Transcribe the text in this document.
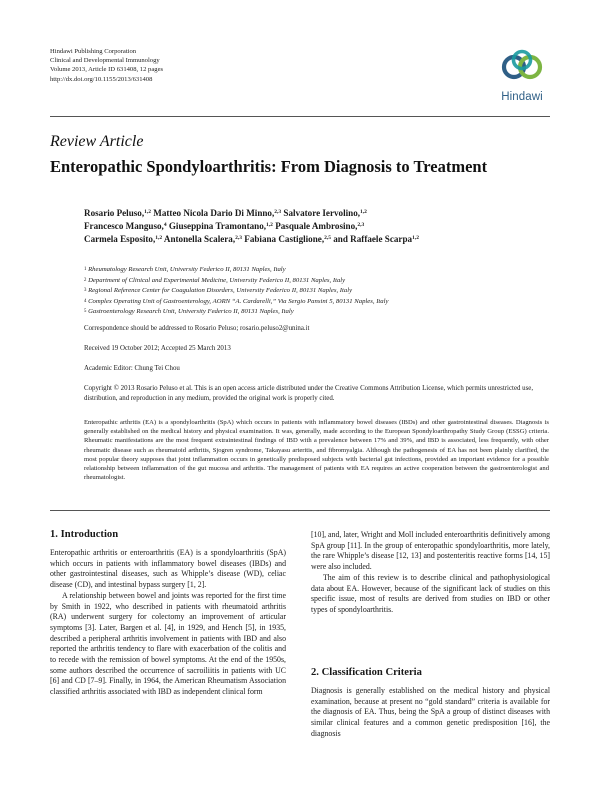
Hindawi Publishing Corporation
Clinical and Developmental Immunology
Volume 2013, Article ID 631408, 12 pages
http://dx.doi.org/10.1155/2013/631408
Hindawi
Review Article
Enteropathic Spondyloarthritis: From Diagnosis to Treatment
Rosario Peluso,$^{1,2}$ Matteo Nicola Dario Di Minno,$^{2,3}$ Salvatore Iervolino,$^{1,2}$
Francesco Manguso,$^4$ Giuseppina Tramontano,$^{1,2}$ Pasquale Ambrosino,$^{2,3}$
Carmela Esposito,$^{1,2}$ Antonella Scalera,$^{2,3}$ Fabiana Castiglione,$^{2,5}$ and Raffaele Scarpa$^{1,2}$
$^1$ Rheumatology Research Unit, University Federico II, 80131 Naples, Italy
$^2$ Department of Clinical and Experimental Medicine, University Federico II, 80131 Naples, Italy
$^3$ Regional Reference Center for Coagulation Disorders, University Federico II, 80131 Naples, Italy
$^4$ Complex Operating Unit of Gastroenterology, AORN “A. Cardarelli,” Via Sergio Pansini 5, 80131 Naples, Italy
$^5$ Gastroenterology Research Unit, University Federico II, 80131 Naples, Italy
Correspondence should be addressed to Rosario Peluso; rosario.peluso2@unina.it
Received 19 October 2012; Accepted 25 March 2013
Academic Editor: Chung Tei Chou
Copyright © 2013 Rosario Peluso et al. This is an open access article distributed under the Creative Commons Attribution License, which permits unrestricted use, distribution, and reproduction in any medium, provided the original work is properly cited.
Enteropathic arthritis (EA) is a spondyloarthritis (SpA) which occurs in patients with inflammatory bowel diseases (IBDs) and other gastrointestinal diseases. Diagnosis is generally established on the medical history and physical examination. It was, generally, made according to the European Spondyloarthropathy Study Group (ESSG) criteria. Rheumatic manifestations are the most frequent extraintestinal findings of IBD with a prevalence between 17% and 39%, and IBD is associated, less frequently, with other rheumatic disease such as rheumatoid arthritis, Sjogren syndrome, Takayasu arteritis, and fibromyalgia. Although the pathogenesis of EA has not been plainly clarified, the most popular theory supposes that joint inflammation occurs in genetically predisposed subjects with bacterial gut infections, provided an important evidence for a possible relationship between inflammation of the gut mucosa and arthritis. The management of patients with EA requires an active cooperation between the gastroenterologist and rheumatologist.
1. Introduction

Enteropathic arthritis or enteroarthritis (EA) is a spondyloarthritis (SpA) which occurs in patients with inflammatory bowel diseases (IBDs) and other gastrointestinal diseases, such as Whipple’s disease (WD), celiac disease (CD), and intestinal bypass surgery [1, 2].

A relationship between bowel and joints was reported for the first time by Smith in 1922, who described in patients with rheumatoid arthritis (RA) underwent surgery for colectomy an improvement of articular symptoms [3]. Later, Bargen et al. [4], in 1929, and Hench [5], in 1935, described a peripheral arthritis involvement in patients with IBD and also reported the arthritis tendency to flare with exacerbation of the colitis and to recede with the remission of bowel symptoms. At the end of the 1950s, some authors described the occurrence of sacroiliitis in patients with UC [6] and CD [7–9]. Finally, in 1964, the American Rheumatism Association classified arthritis associated with IBD as independent clinical form

[10], and, later, Wright and Moll included enteroarthritis definitively among SpA group [11]. In the group of enteropathic spondyloarthritis, more lately, the rare Whipple’s disease [12, 13] and postenteritis reactive forms [14, 15] were also included.

The aim of this review is to describe clinical and pathophysiological data about EA. However, because of the significant lack of studies on this specific issue, most of results are derived from studies on IBD or other types of spondyloarthritis.

2. Classification Criteria

Diagnosis is generally established on the medical history and physical examination, because at present no “gold standard” criteria is available for the diagnosis of EA. Thus, being the SpA a group of distinct diseases with similar clinical features and a common genetic predisposition [16], the diagnosis
